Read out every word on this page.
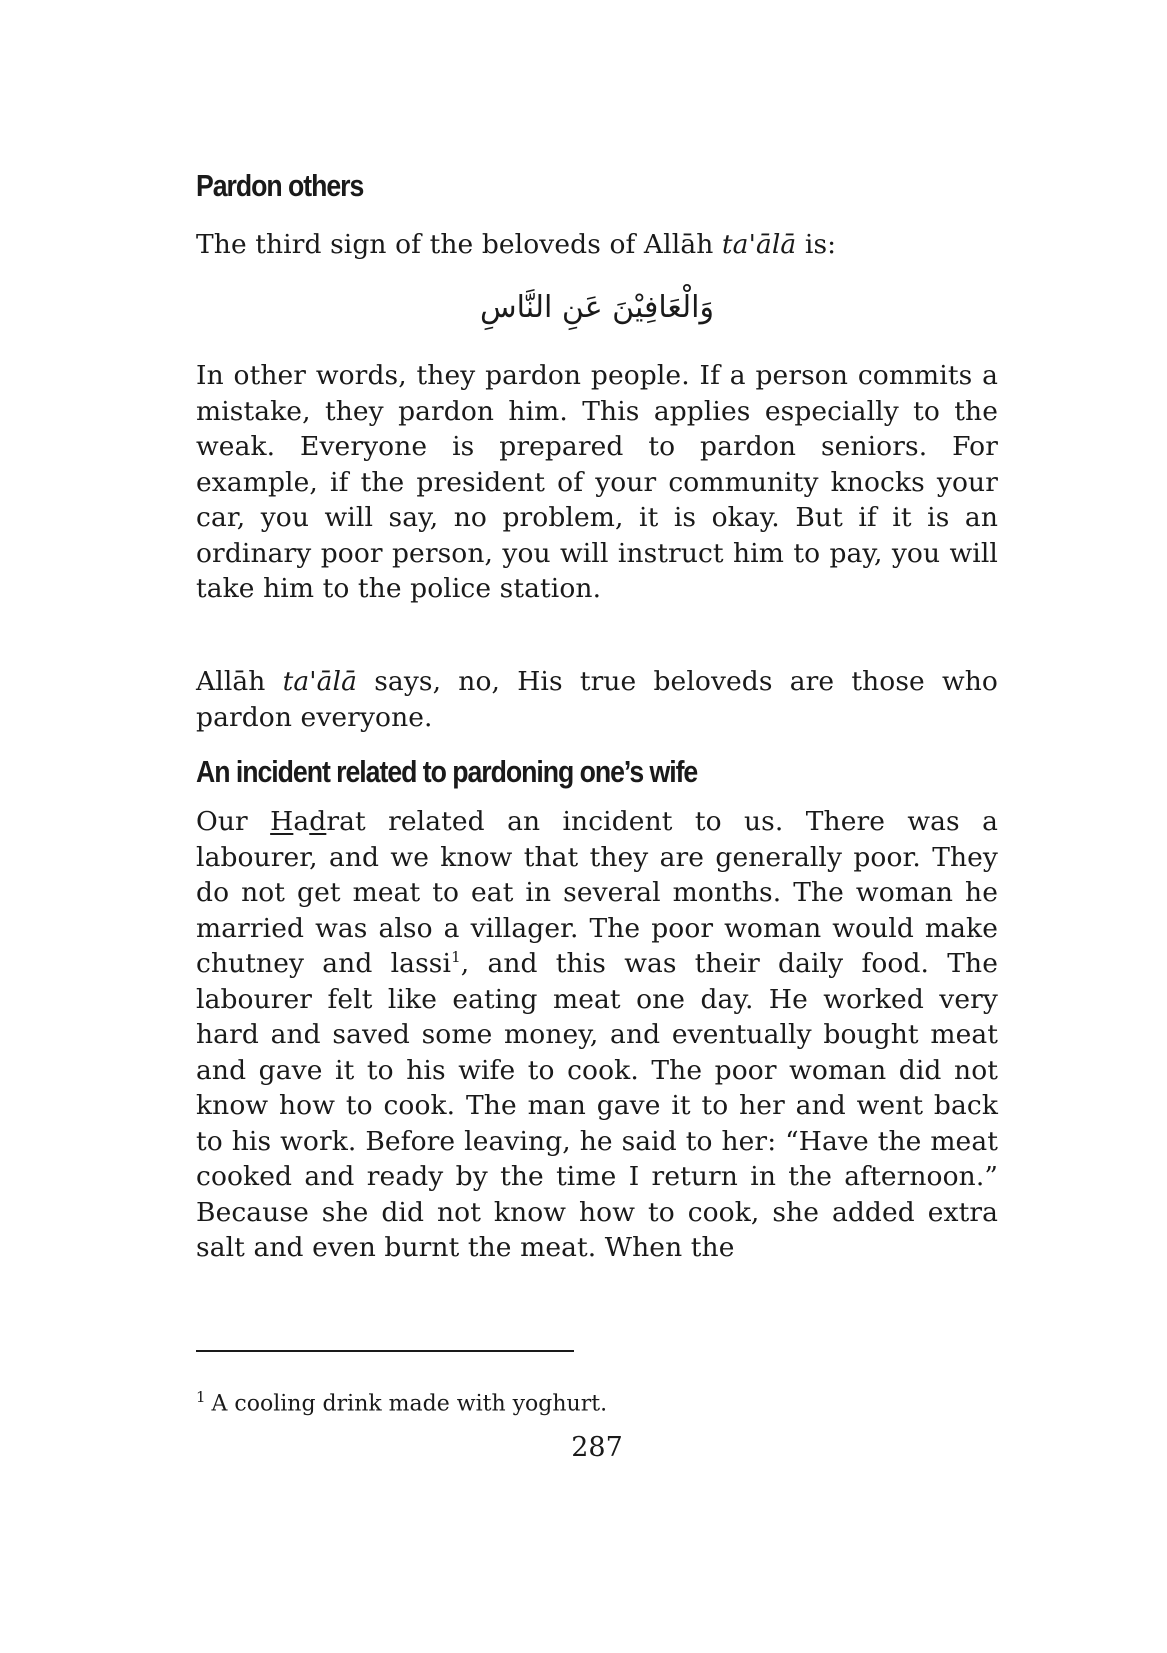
Pardon others

The third sign of the beloveds of Allāh ta'ālā is:

وَالْعَافِيْنَ عَنِ النَّاسِ

In other words, they pardon people. If a person commits a mistake, they pardon him. This applies especially to the weak. Everyone is prepared to pardon seniors. For example, if the president of your community knocks your car, you will say, no problem, it is okay. But if it is an ordinary poor person, you will instruct him to pay, you will take him to the police station.

Allāh ta'ālā says, no, His true beloveds are those who pardon everyone.

An incident related to pardoning one’s wife

Our Hadrat related an incident to us. There was a labourer, and we know that they are generally poor. They do not get meat to eat in several months. The woman he married was also a villager. The poor woman would make chutney and lassi$^1$, and this was their daily food. The labourer felt like eating meat one day. He worked very hard and saved some money, and eventually bought meat and gave it to his wife to cook. The poor woman did not know how to cook. The man gave it to her and went back to his work. Before leaving, he said to her: “Have the meat cooked and ready by the time I return in the afternoon.” Because she did not know how to cook, she added extra salt and even burnt the meat. When the

$^1$ A cooling drink made with yoghurt.
287
